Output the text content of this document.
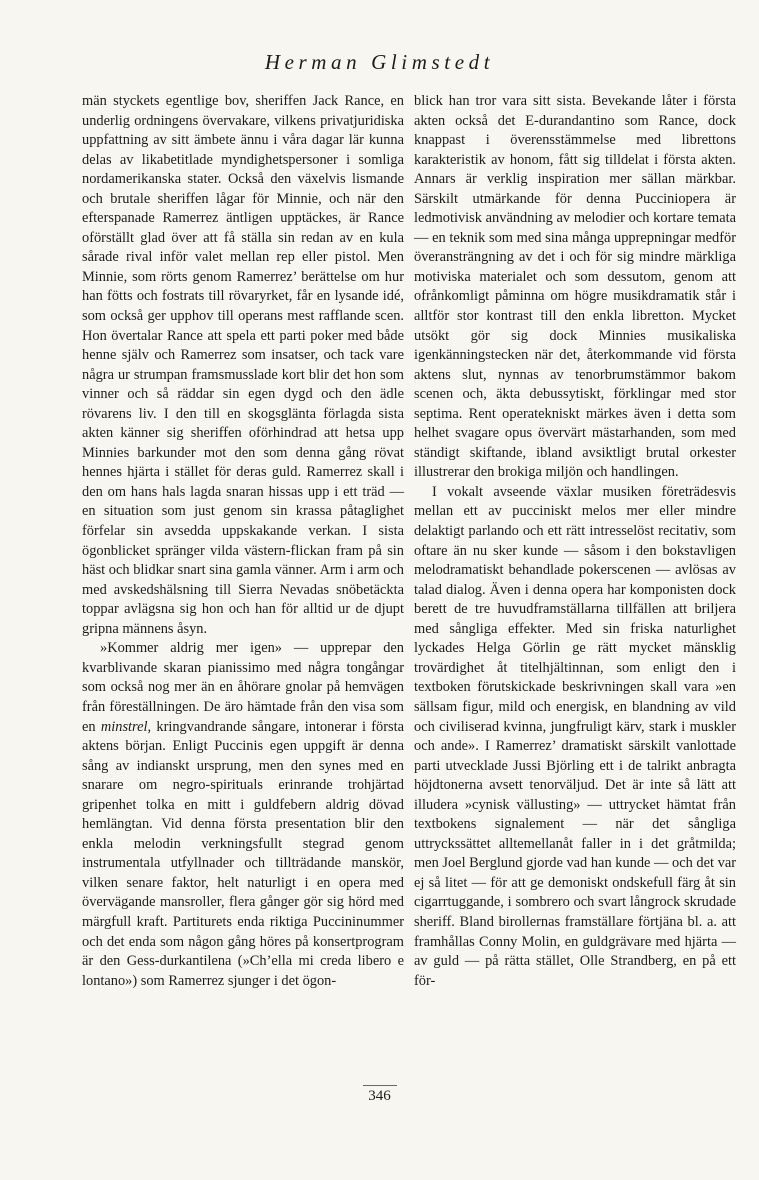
Herman Glimstedt

män styckets egentlige bov, sheriffen Jack Rance, en underlig ordningens övervakare, vilkens privatjuridiska uppfattning av sitt ämbete ännu i våra dagar lär kunna delas av likabetitlade myndighetspersoner i somliga nordamerikanska stater. Också den växelvis lismande och brutale sheriffen lågar för Minnie, och när den efterspanade Ramerrez äntligen upptäckes, är Rance oförställt glad över att få ställa sin redan av en kula sårade rival inför valet mellan rep eller pistol. Men Minnie, som rörts genom Ramerrez’ berättelse om hur han fötts och fostrats till rövaryrket, får en lysande idé, som också ger upphov till operans mest rafflande scen. Hon övertalar Rance att spela ett parti poker med både henne själv och Ramerrez som insatser, och tack vare några ur strumpan framsmusslade kort blir det hon som vinner och så räddar sin egen dygd och den ädle rövarens liv. I den till en skogsglänta förlagda sista akten känner sig sheriffen oförhindrad att hetsa upp Minnies barkunder mot den som denna gång rövat hennes hjärta i stället för deras guld. Ramerrez skall i den om hans hals lagda snaran hissas upp i ett träd — en situation som just genom sin krassa påtaglighet förfelar sin avsedda uppskakande verkan. I sista ögonblicket spränger vilda västern-flickan fram på sin häst och blidkar snart sina gamla vänner. Arm i arm och med avskedshälsning till Sierra Nevadas snöbetäckta toppar avlägsna sig hon och han för alltid ur de djupt gripna männens åsyn.

»Kommer aldrig mer igen» — upprepar den kvarblivande skaran pianissimo med några tongångar som också nog mer än en åhörare gnolar på hemvägen från föreställningen. De äro hämtade från den visa som en minstrel, kringvandrande sångare, intonerar i första aktens början. Enligt Puccinis egen uppgift är denna sång av indianskt ursprung, men den synes med en snarare om negro-spirituals erinrande trohjärtad gripenhet tolka en mitt i guldfebern aldrig dövad hemlängtan. Vid denna första presentation blir den enkla melodin verkningsfullt stegrad genom instrumentala utfyllnader och tillträdande manskör, vilken senare faktor, helt naturligt i en opera med övervägande mansroller, flera gånger gör sig hörd med märgfull kraft. Partiturets enda riktiga Puccininummer och det enda som någon gång höres på konsertprogram är den Gess-durkantilena (»Ch’ella mi creda libero e lontano») som Ramerrez sjunger i det ögon-

blick han tror vara sitt sista. Bevekande låter i första akten också det E-durandantino som Rance, dock knappast i överensstämmelse med librettons karakteristik av honom, fått sig tilldelat i första akten. Annars är verklig inspiration mer sällan märkbar. Särskilt utmärkande för denna Pucciniopera är ledmotivisk användning av melodier och kortare temata — en teknik som med sina många upprepningar medför överansträngning av det i och för sig mindre märkliga motiviska materialet och som dessutom, genom att ofrånkomligt påminna om högre musikdramatik står i alltför stor kontrast till den enkla libretton. Mycket utsökt gör sig dock Minnies musikaliska igenkänningstecken när det, återkommande vid första aktens slut, nynnas av tenorbrumstämmor bakom scenen och, äkta debussytiskt, förklingar med stor septima. Rent operatekniskt märkes även i detta som helhet svagare opus övervärt mästarhanden, som med ständigt skiftande, ibland avsiktligt brutal orkester illustrerar den brokiga miljön och handlingen.

I vokalt avseende växlar musiken företrädesvis mellan ett av pucciniskt melos mer eller mindre delaktigt parlando och ett rätt intresselöst recitativ, som oftare än nu sker kunde — såsom i den bokstavligen melodramatiskt behandlade pokerscenen — avlösas av talad dialog. Även i denna opera har komponisten dock berett de tre huvudframställarna tillfällen att briljera med sångliga effekter. Med sin friska naturlighet lyckades Helga Görlin ge rätt mycket mänsklig trovärdighet åt titelhjältinnan, som enligt den i textboken förutskickade beskrivningen skall vara »en sällsam figur, mild och energisk, en blandning av vild och civiliserad kvinna, jungfruligt kärv, stark i muskler och ande». I Ramerrez’ dramatiskt särskilt vanlottade parti utvecklade Jussi Björling ett i de talrikt anbragta höjdtonerna avsett tenorväljud. Det är inte så lätt att illudera »cynisk vällusting» — uttrycket hämtat från textbokens signalement — när det sångliga uttryckssättet alltemellanåt faller in i det gråtmilda; men Joel Berglund gjorde vad han kunde — och det var ej så litet — för att ge demoniskt ondskefull färg åt sin cigarrtuggande, i sombrero och svart långrock skrudade sheriff. Bland birollernas framställare förtjäna bl. a. att framhållas Conny Molin, en guldgrävare med hjärta — av guld — på rätta stället, Olle Strandberg, en på ett för-

346
